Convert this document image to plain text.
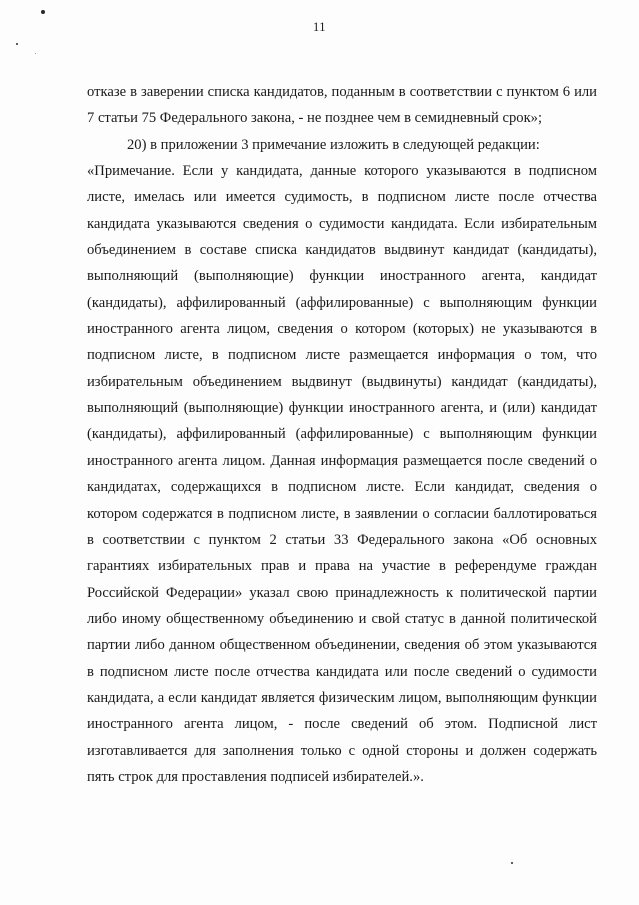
11

отказе в заверении списка кандидатов, поданным в соответствии с пунктом 6 или 7 статьи 75 Федерального закона, - не позднее чем в семидневный срок»;

20) в приложении 3 примечание изложить в следующей редакции:

«Примечание. Если у кандидата, данные которого указываются в подписном листе, имелась или имеется судимость, в подписном листе после отчества кандидата указываются сведения о судимости кандидата. Если избирательным объединением в составе списка кандидатов выдвинут кандидат (кандидаты), выполняющий (выполняющие) функции иностранного агента, кандидат (кандидаты), аффилированный (аффилированные) с выполняющим функции иностранного агента лицом, сведения о котором (которых) не указываются в подписном листе, в подписном листе размещается информация о том, что избирательным объединением выдвинут (выдвинуты) кандидат (кандидаты), выполняющий (выполняющие) функции иностранного агента, и (или) кандидат (кандидаты), аффилированный (аффилированные) с выполняющим функции иностранного агента лицом. Данная информация размещается после сведений о кандидатах, содержащихся в подписном листе. Если кандидат, сведения о котором содержатся в подписном листе, в заявлении о согласии баллотироваться в соответствии с пунктом 2 статьи 33 Федерального закона «Об основных гарантиях избирательных прав и права на участие в референдуме граждан Российской Федерации» указал свою принадлежность к политической партии либо иному общественному объединению и свой статус в данной политической партии либо данном общественном объединении, сведения об этом указываются в подписном листе после отчества кандидата или после сведений о судимости кандидата, а если кандидат является физическим лицом, выполняющим функции иностранного агента лицом, - после сведений об этом. Подписной лист изготавливается для заполнения только с одной стороны и должен содержать пять строк для проставления подписей избирателей.».
